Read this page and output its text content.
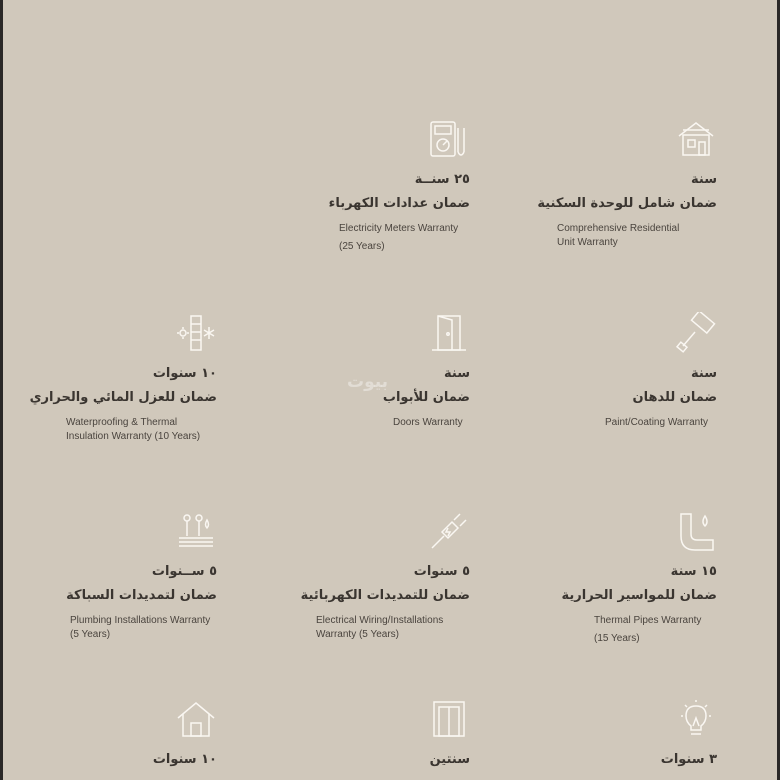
سنة
ضمان شامل للوحدة السكنية
Comprehensive Residential
Unit Warranty
٢٥ سنــة
ضمان عدادات الكهرباء
Electricity Meters Warranty
(25 Years)
سنة
ضمان للدهان
Paint/Coating Warranty
سنة
ضمان للأبواب
Doors Warranty
١٠ سنوات
ضمان للعزل المائي والحراري
Waterproofing & Thermal
Insulation Warranty (10 Years)
١٥ سنة
ضمان للمواسير الحرارية
Thermal Pipes Warranty
(15 Years)
٥ سنوات
ضمان للتمديدات الكهربائية
Electrical Wiring/Installations
Warranty (5 Years)
٥ ســنوات
ضمان لتمديدات السباكة
Plumbing Installations Warranty
(5 Years)
٣ سنوات
سنتين
١٠ سنوات
بيوت
